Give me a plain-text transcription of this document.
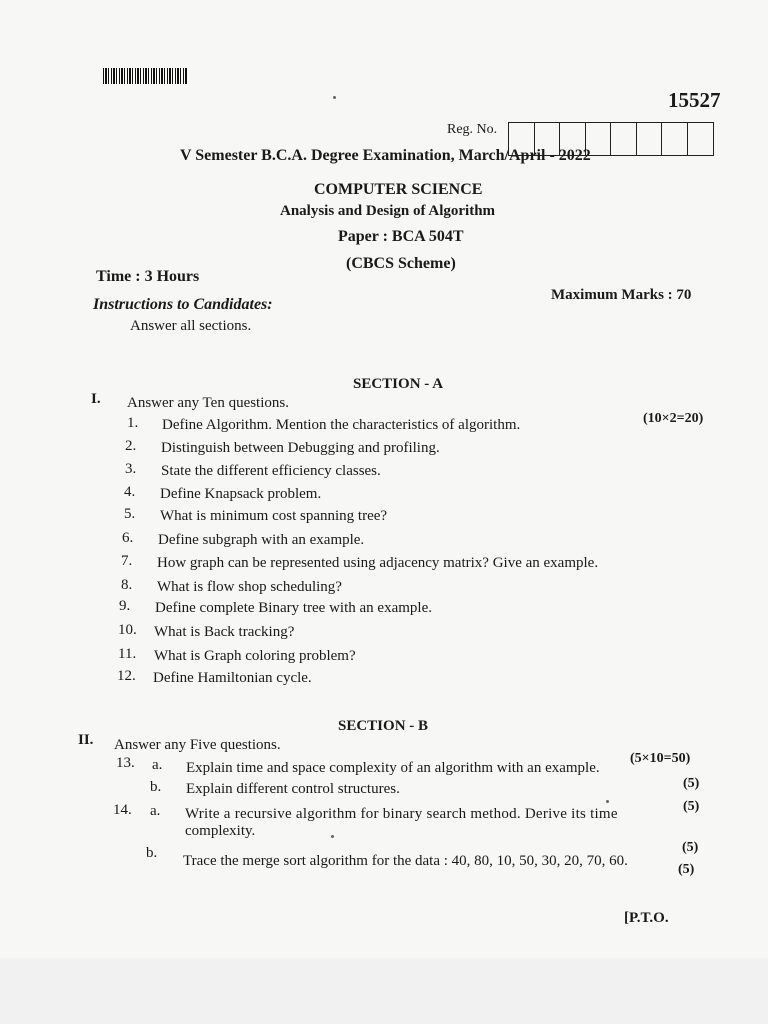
15527
Reg. No.
V Semester B.C.A. Degree Examination, March/April - 2022
COMPUTER SCIENCE
Analysis and Design of Algorithm
Paper : BCA 504T
(CBCS Scheme)
Time : 3 Hours
Maximum Marks : 70
Instructions to Candidates:
Answer all sections.
SECTION - A
I. Answer any Ten questions.
(10×2=20)
1. Define Algorithm. Mention the characteristics of algorithm.
2. Distinguish between Debugging and profiling.
3. State the different efficiency classes.
4. Define Knapsack problem.
5. What is minimum cost spanning tree?
6. Define subgraph with an example.
7. How graph can be represented using adjacency matrix? Give an example.
8. What is flow shop scheduling?
9. Define complete Binary tree with an example.
10. What is Back tracking?
11. What is Graph coloring problem?
12. Define Hamiltonian cycle.
SECTION - B
II. Answer any Five questions.
(5×10=50)
13. a. Explain time and space complexity of an algorithm with an example.
(5)
b. Explain different control structures.
(5)
14. a. Write a recursive algorithm for binary search method. Derive its time
complexity.
(5)
b. Trace the merge sort algorithm for the data : 40, 80, 10, 50, 30, 20, 70, 60.
(5)
[P.T.O.
